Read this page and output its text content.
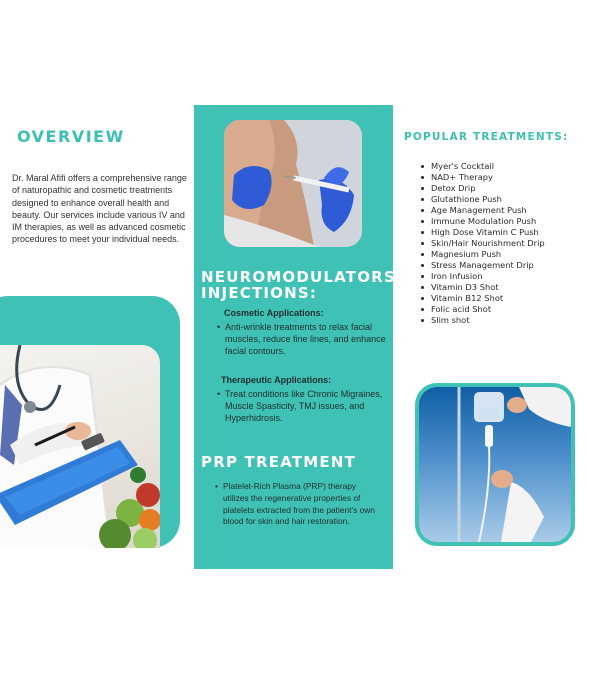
OVERVIEW

Dr. Maral Afifi offers a comprehensive range of naturopathic and cosmetic treatments designed to enhance overall health and beauty. Our services include various IV and IM therapies, as well as advanced cosmetic procedures to meet your individual needs.

NEUROMODULATORS
INJECTIONS:
Cosmetic Applications:
• Anti-wrinkle treatments to relax facial muscles, reduce fine lines, and enhance facial contours.
Therapeutic Applications:
• Treat conditions like Chronic Migraines, Muscle Spasticity, TMJ issues, and Hyperhidrosis.
PRP TREATMENT
• Platelet-Rich Plasma (PRP) therapy utilizes the regenerative properties of platelets extracted from the patient's own blood for skin and hair restoration.
POPULAR TREATMENTS:
Myer's Cocktail
NAD+ Therapy
Detox Drip
Glutathione Push
Age Management Push
Immune Modulation Push
High Dose Vitamin C Push
Skin/Hair Nourishment Drip
Magnesium Push
Stress Management Drip
Iron Infusion
Vitamin D3 Shot
Vitamin B12 Shot
Folic acid Shot
Slim shot
